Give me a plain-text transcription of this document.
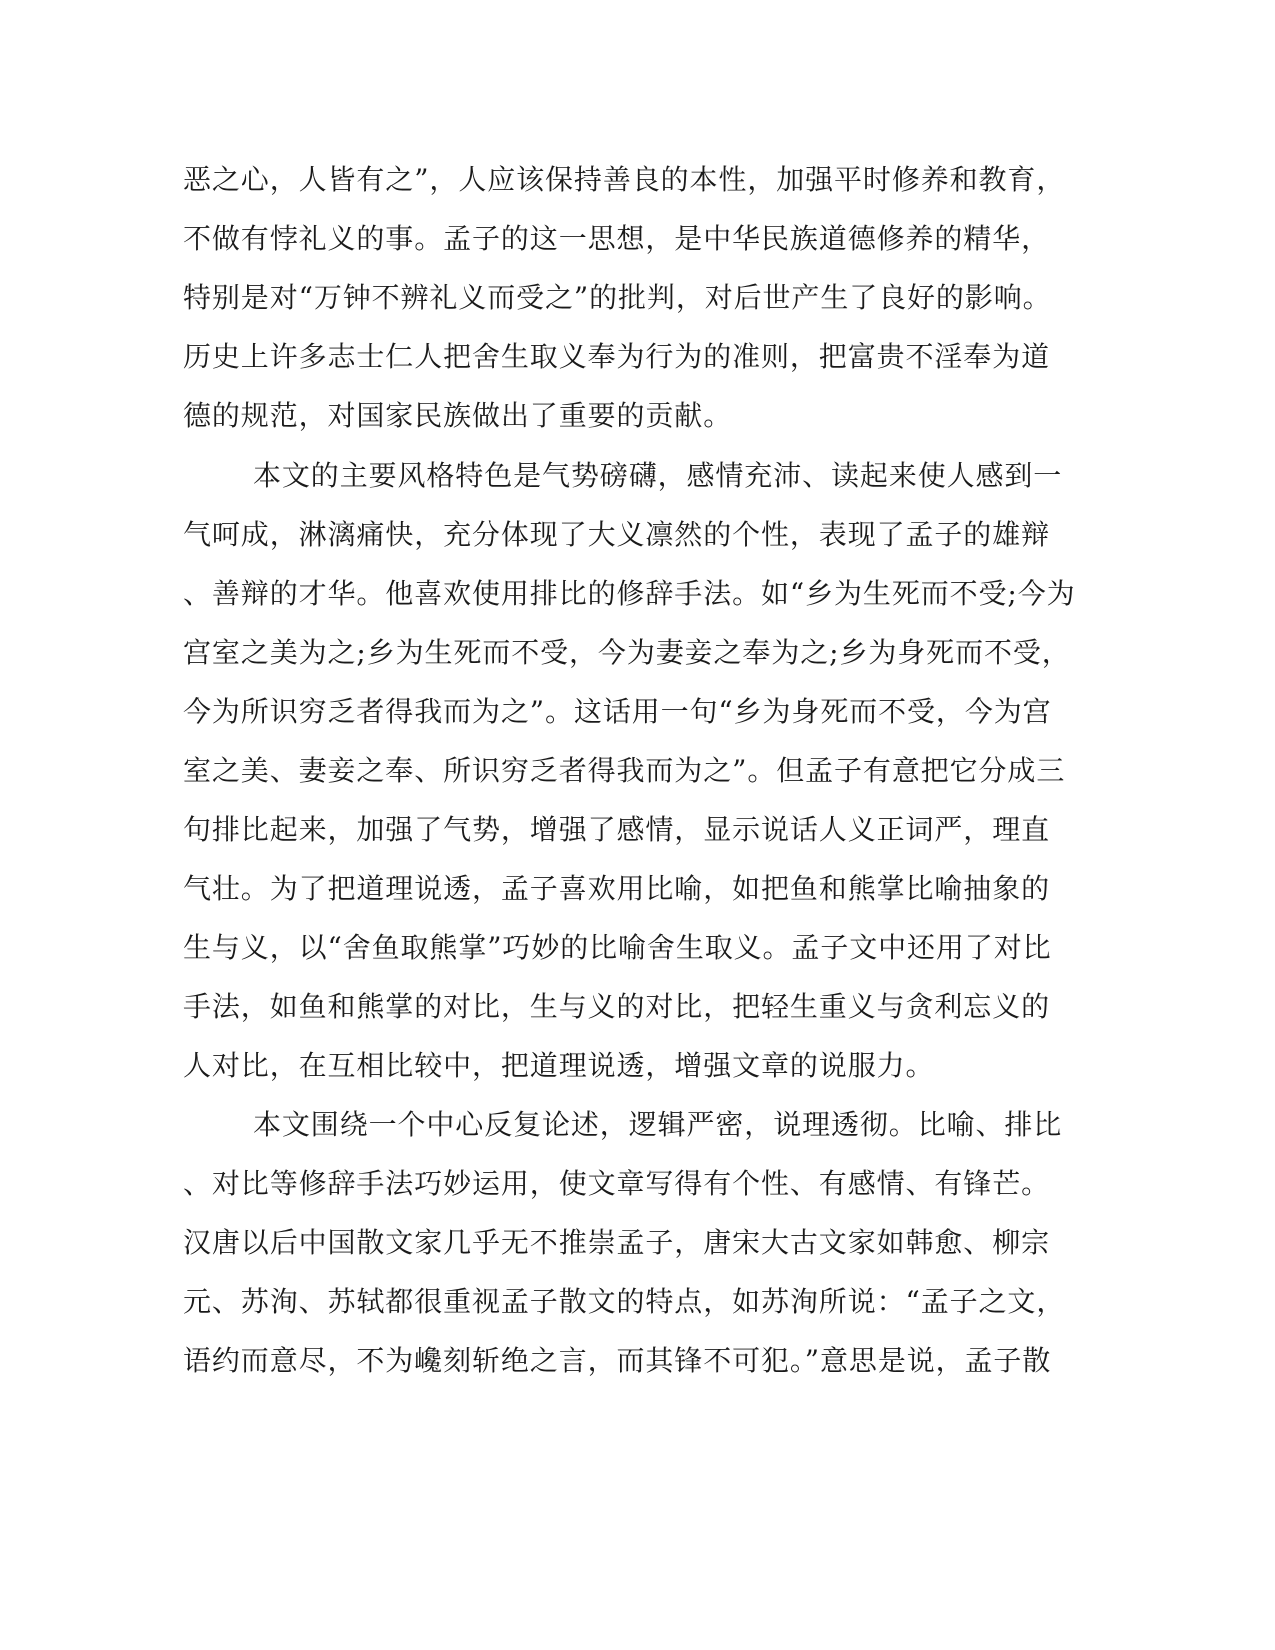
恶之心，人皆有之”，人应该保持善良的本性，加强平时修养和教育，
不做有悖礼义的事。孟子的这一思想，是中华民族道德修养的精华，
特别是对“万钟不辨礼义而受之”的批判，对后世产生了良好的影响。
历史上许多志士仁人把舍生取义奉为行为的准则，把富贵不淫奉为道
德的规范，对国家民族做出了重要的贡献。
本文的主要风格特色是气势磅礴，感情充沛、读起来使人感到一
气呵成，淋漓痛快，充分体现了大义凛然的个性，表现了孟子的雄辩
、善辩的才华。他喜欢使用排比的修辞手法。如“乡为生死而不受;今为
宫室之美为之;乡为生死而不受，今为妻妾之奉为之;乡为身死而不受，
今为所识穷乏者得我而为之”。这话用一句“乡为身死而不受，今为宫
室之美、妻妾之奉、所识穷乏者得我而为之”。但孟子有意把它分成三
句排比起来，加强了气势，增强了感情，显示说话人义正词严，理直
气壮。为了把道理说透，孟子喜欢用比喻，如把鱼和熊掌比喻抽象的
生与义，以“舍鱼取熊掌”巧妙的比喻舍生取义。孟子文中还用了对比
手法，如鱼和熊掌的对比，生与义的对比，把轻生重义与贪利忘义的
人对比，在互相比较中，把道理说透，增强文章的说服力。
本文围绕一个中心反复论述，逻辑严密，说理透彻。比喻、排比
、对比等修辞手法巧妙运用，使文章写得有个性、有感情、有锋芒。
汉唐以后中国散文家几乎无不推崇孟子，唐宋大古文家如韩愈、柳宗
元、苏洵、苏轼都很重视孟子散文的特点，如苏洵所说：“孟子之文，
语约而意尽，不为巉刻斩绝之言，而其锋不可犯。”意思是说，孟子散
